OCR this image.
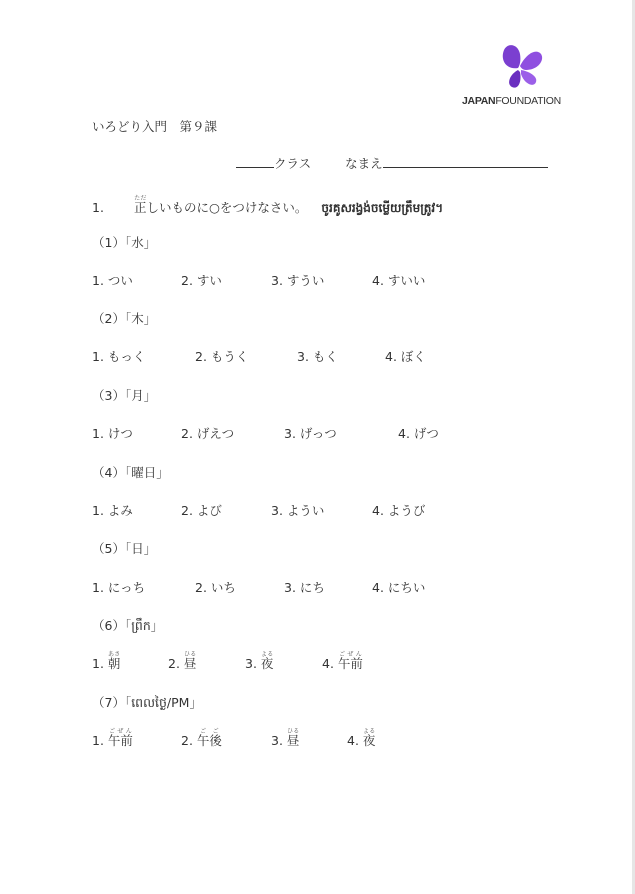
JAPANFOUNDATION
いろどり入門　第９課
クラス	なまえ
1. 正ただしいものに○をつけなさい。 ចូរគូសរង្វង់ចម្លើយត្រឹមត្រូវ។
（1）「水」
1. つい	2. すい	3. すうい	4. すいい
（2）「木」
1. もっく	2. もうく	3. もく	4. ぼく
（3）「月」
1. けつ	2. げえつ	3. げっつ	4. げつ
（4）「曜日」
1. よみ	2. よび	3. ようい	4. ようび
（5）「日」
1. にっち	2. いち	3. にち	4. にちい
（6）「ព្រឹក」
1. 朝あさ
2. 昼ひる
3. 夜よる
4. 午前ごぜん
（7）「ពេលថ្ងៃ/PM」
1. 午前ごぜん
2. 午後ごご
3. 昼ひる
4. 夜よる
